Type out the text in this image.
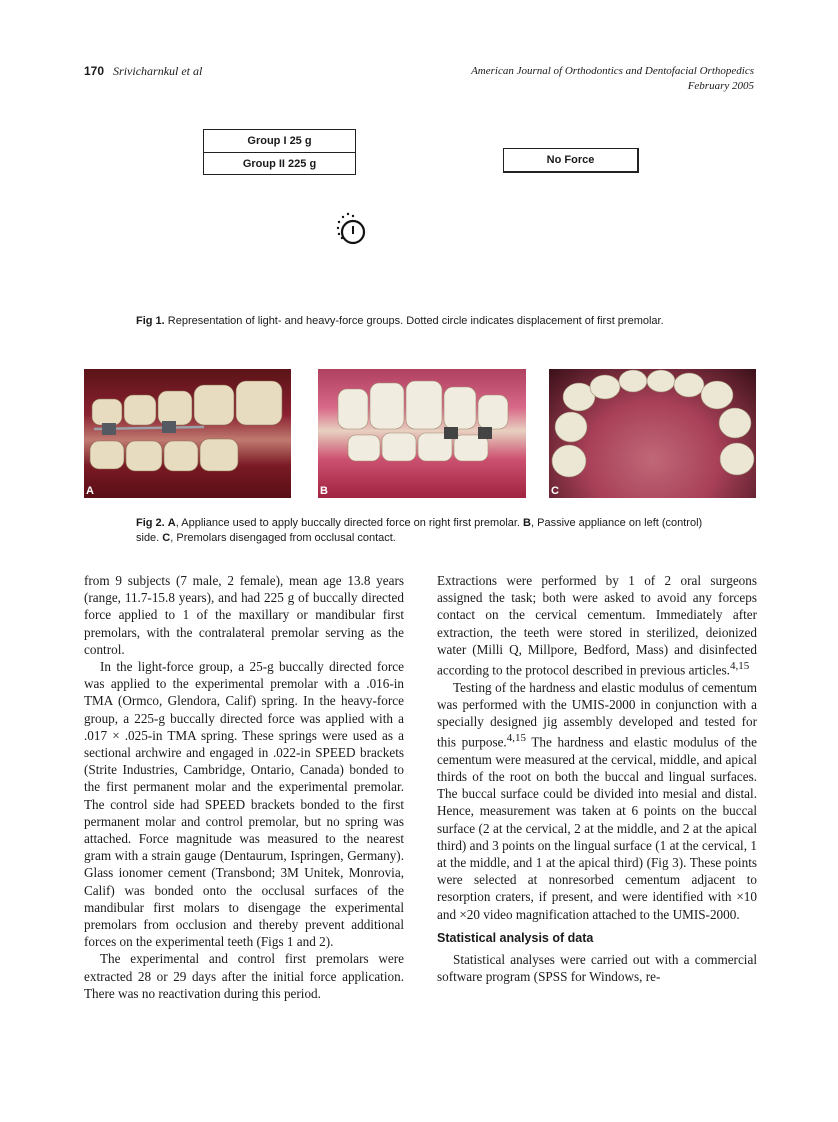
170 Srivicharnkul et al	American Journal of Orthodontics and Dentofacial Orthopedics
February 2005
Group I 25 g
Group II 225 g	No Force
Fig 1. Representation of light- and heavy-force groups. Dotted circle indicates displacement of first premolar.
A	B	C
Fig 2. A, Appliance used to apply buccally directed force on right first premolar. B, Passive appliance on left (control) side. C, Premolars disengaged from occlusal contact.

from 9 subjects (7 male, 2 female), mean age 13.8 years (range, 11.7-15.8 years), and had 225 g of buccally directed force applied to 1 of the maxillary or mandibular first premolars, with the contralateral premolar serving as the control.

In the light-force group, a 25-g buccally directed force was applied to the experimental premolar with a .016-in TMA (Ormco, Glendora, Calif) spring. In the heavy-force group, a 225-g buccally directed force was applied with a .017 × .025-in TMA spring. These springs were used as a sectional archwire and engaged in .022-in SPEED brackets (Strite Industries, Cambridge, Ontario, Canada) bonded to the first permanent molar and the experimental premolar. The control side had SPEED brackets bonded to the first permanent molar and control premolar, but no spring was attached. Force magnitude was measured to the nearest gram with a strain gauge (Dentaurum, Ispringen, Germany). Glass ionomer cement (Transbond; 3M Unitek, Monrovia, Calif) was bonded onto the occlusal surfaces of the mandibular first molars to disengage the experimental premolars from occlusion and thereby prevent additional forces on the experimental teeth (Figs 1 and 2).

The experimental and control first premolars were extracted 28 or 29 days after the initial force application. There was no reactivation during this period.

Extractions were performed by 1 of 2 oral surgeons assigned the task; both were asked to avoid any forceps contact on the cervical cementum. Immediately after extraction, the teeth were stored in sterilized, deionized water (Milli Q, Millpore, Bedford, Mass) and disinfected according to the protocol described in previous articles.$^{4,15}$

Testing of the hardness and elastic modulus of cementum was performed with the UMIS-2000 in conjunction with a specially designed jig assembly developed and tested for this purpose.$^{4,15}$ The hardness and elastic modulus of the cementum were measured at the cervical, middle, and apical thirds of the root on both the buccal and lingual surfaces. The buccal surface could be divided into mesial and distal. Hence, measurement was taken at 6 points on the buccal surface (2 at the cervical, 2 at the middle, and 2 at the apical third) and 3 points on the lingual surface (1 at the cervical, 1 at the middle, and 1 at the apical third) (Fig 3). These points were selected at nonresorbed cementum adjacent to resorption craters, if present, and were identified with ×10 and ×20 video magnification attached to the UMIS-2000.

Statistical analysis of data

Statistical analyses were carried out with a commercial software program (SPSS for Windows, re-
